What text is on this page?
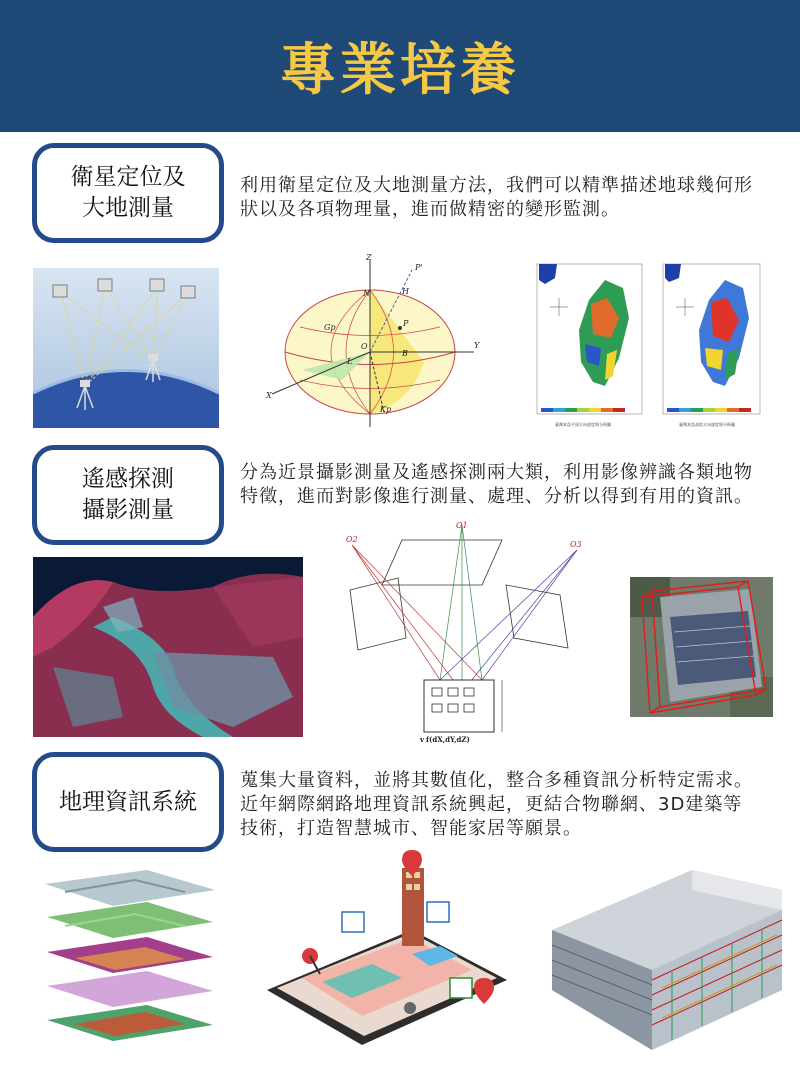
專業培養
衛星定位及
大地測量
利用衛星定位及大地測量方法，我們可以精準描述地球幾何形狀以及各項物理量，進而做精密的變形監測。
Z
Y
X
N
O
P
P'
Gp
Kp
B
L
H
臺灣本島平面方向速度場分佈圖	臺灣本島高程方向速度場分佈圖
遙感探測
攝影測量
分為近景攝影測量及遙感探測兩大類，利用影像辨識各類地物特徵，進而對影像進行測量、處理、分析以得到有用的資訊。
O2
O1
O3
v f(dX,dY,dZ)
地理資訊系統
蒐集大量資料，並將其數值化，整合多種資訊分析特定需求。近年網際網路地理資訊系統興起，更結合物聯網、3D建築等技術，打造智慧城市、智能家居等願景。
